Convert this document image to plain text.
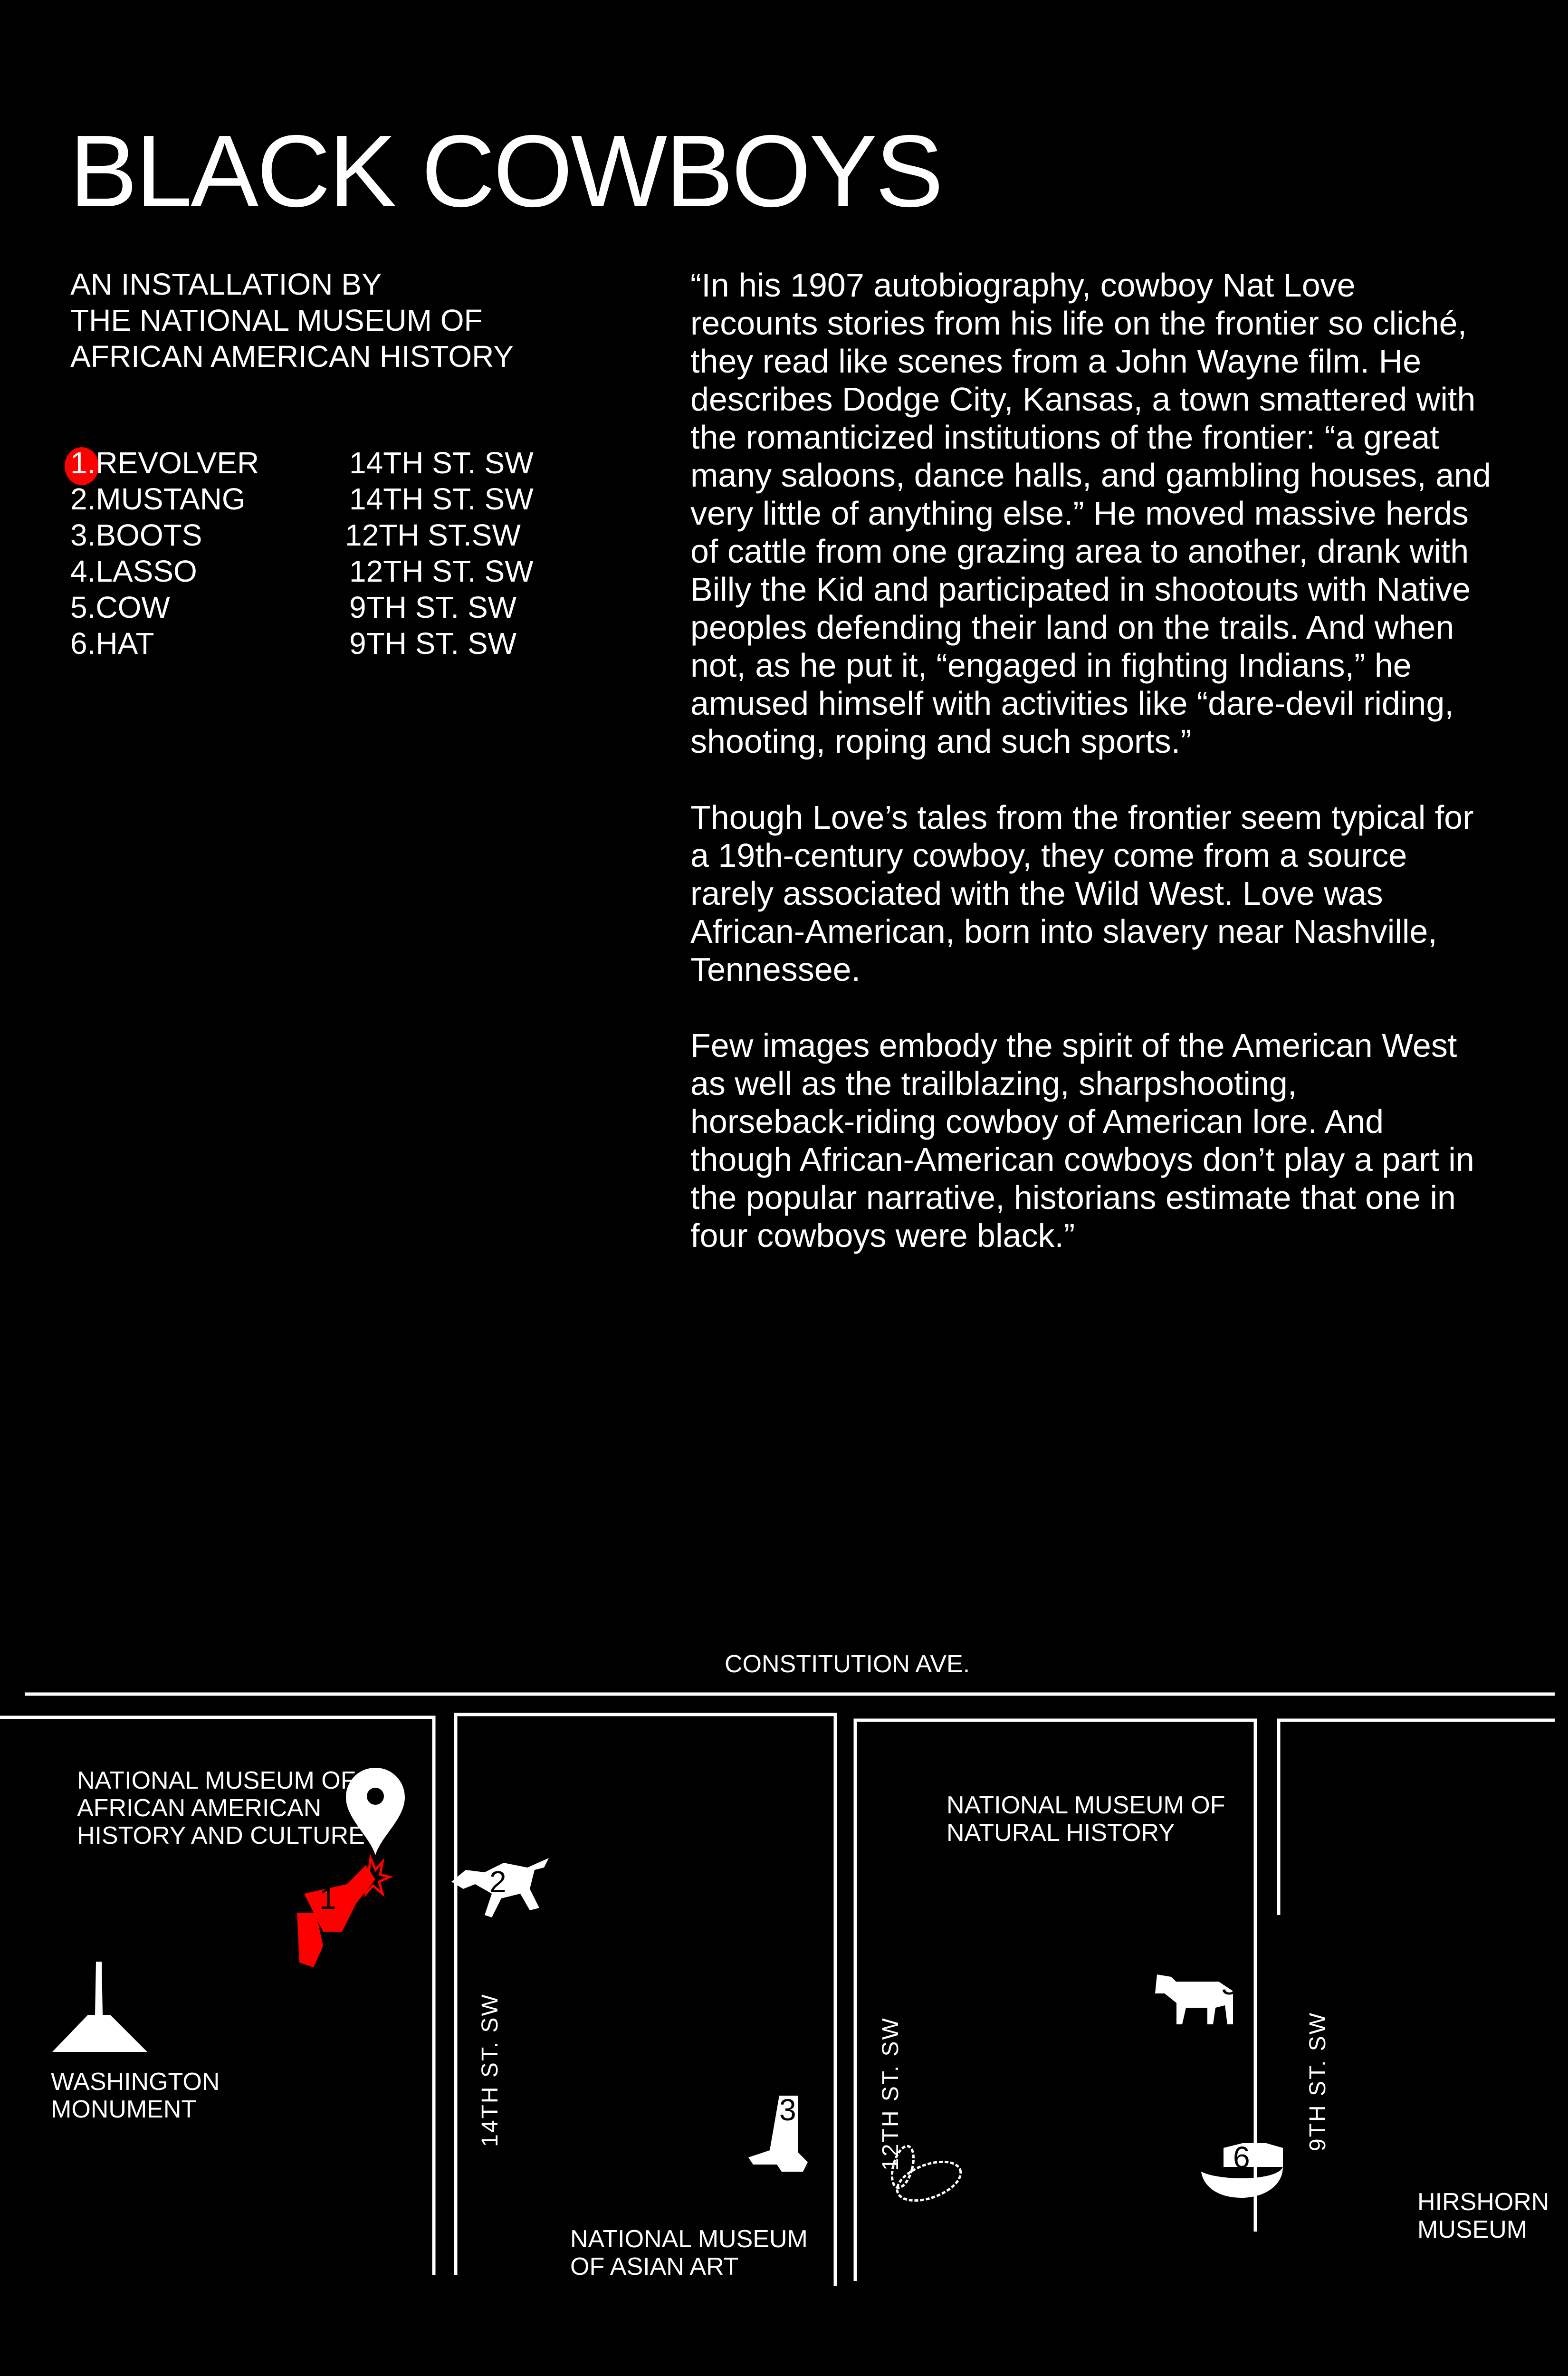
BLACK COWBOYS
AN INSTALLATION BY
THE NATIONAL MUSEUM OF
AFRICAN AMERICAN HISTORY
1.REVOLVER	14TH ST. SW
2.MUSTANG	14TH ST. SW
3.BOOTS	12TH ST.SW
4.LASSO	12TH ST. SW
5.COW	9TH ST. SW
6.HAT	9TH ST. SW
“In his 1907 autobiography, cowboy Nat Love
recounts stories from his life on the frontier so cliché,
they read like scenes from a John Wayne film. He
describes Dodge City, Kansas, a town smattered with
the romanticized institutions of the frontier: “a great
many saloons, dance halls, and gambling houses, and
very little of anything else.” He moved massive herds
of cattle from one grazing area to another, drank with
Billy the Kid and participated in shootouts with Native
peoples defending their land on the trails. And when
not, as he put it, “engaged in fighting Indians,” he
amused himself with activities like “dare-devil riding,
shooting, roping and such sports.”
Though Love’s tales from the frontier seem typical for
a 19th-century cowboy, they come from a source
rarely associated with the Wild West. Love was
African-American, born into slavery near Nashville,
Tennessee.
Few images embody the spirit of the American West
as well as the trailblazing, sharpshooting,
horseback-riding cowboy of American lore. And
though African-American cowboys don’t play a part in
the popular narrative, historians estimate that one in
four cowboys were black.”
CONSTITUTION AVE.
NATIONAL MUSEUM OF
AFRICAN AMERICAN
HISTORY AND CULTURE
WASHINGTON
MONUMENT
NATIONAL MUSEUM
OF ASIAN ART
NATIONAL MUSEUM OF
NATURAL HISTORY
HIRSHORN
MUSEUM
14TH ST. SW	12TH ST. SW	9TH ST. SW
1	2
3
5
6
